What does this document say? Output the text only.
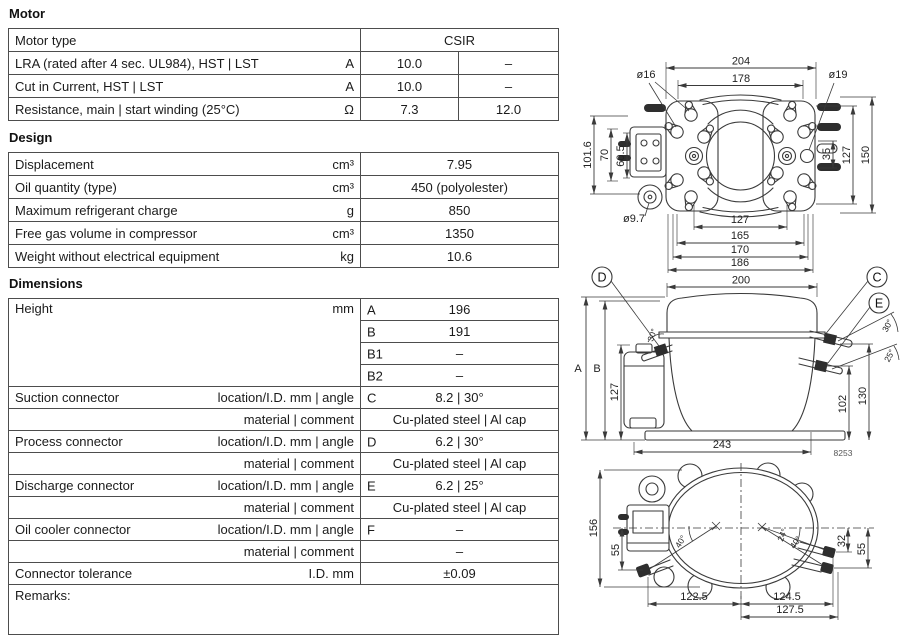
Motor
Motor type	CSIR	

LRA (rated after 4 sec. UL984), HST | LST A	10.0	–

Cut in Current, HST | LST A	10.0	–

Resistance, main | start winding (25°C) Ω	7.3	12.0
Design
Displacement cm³	7.95

Oil quantity (type) cm³	450 (polyolester)

Maximum refrigerant charge g	850

Free gas volume in compressor cm³	1350

Weight without electrical equipment kg	10.6
Dimensions
Height mm	A 196

	B 191

	B1 –

	B2 –

Suction connector location/I.D. mm | angle	C 8.2 | 30°

material | comment	Cu-plated steel | Al cap

Process connector location/I.D. mm | angle	D 6.2 | 30°

material | comment	Cu-plated steel | Al cap

Discharge connector location/I.D. mm | angle	E 6.2 | 25°

material | comment	Cu-plated steel | Al cap

Oil cooler connector location/I.D. mm | angle	F –

material | comment	–

Connector tolerance I.D. mm	±0.09
Remarks:	
204
178
ø16	ø19
101.6 70 60.5	35 127 150
ø9.7	127
165
170
186
30°
30°
25°
D	C
E
200
A B
127
102 130
243
8253
40°	24°
40°
156
55
32
55
122.5	124.5
127.5
